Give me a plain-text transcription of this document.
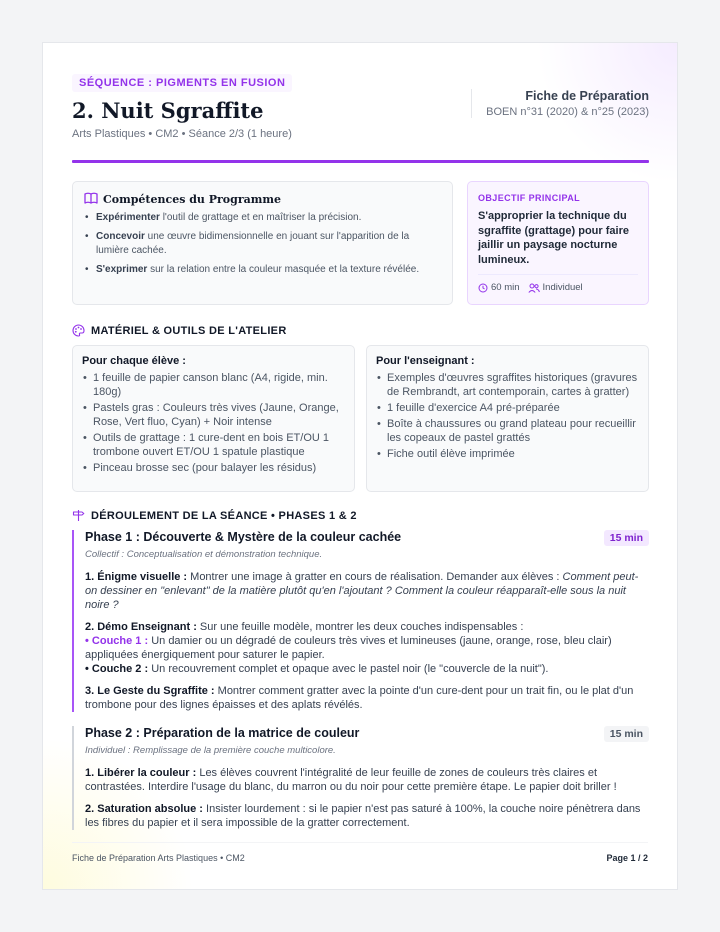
SÉQUENCE : PIGMENTS EN FUSION
2. Nuit Sgraffite
Arts Plastiques • CM2 • Séance 2/3 (1 heure)
Fiche de Préparation
BOEN n°31 (2020) & n°25 (2023)
Compétences du Programme
• Expérimenter l'outil de grattage et en maîtriser la précision.
• Concevoir une œuvre bidimensionnelle en jouant sur l'apparition de la lumière cachée.
• S'exprimer sur la relation entre la couleur masquée et la texture révélée.
OBJECTIF PRINCIPAL
S'approprier la technique du sgraffite (grattage) pour faire jaillir un paysage nocturne lumineux.
60 min Individuel
MATÉRIEL & OUTILS DE L'ATELIER
Pour chaque élève :
• 1 feuille de papier canson blanc (A4, rigide, min. 180g)
• Pastels gras : Couleurs très vives (Jaune, Orange, Rose, Vert fluo, Cyan) + Noir intense
• Outils de grattage : 1 cure-dent en bois ET/OU 1 trombone ouvert ET/OU 1 spatule plastique
• Pinceau brosse sec (pour balayer les résidus)
Pour l'enseignant :
• Exemples d'œuvres sgraffites historiques (gravures de Rembrandt, art contemporain, cartes à gratter)
• 1 feuille d'exercice A4 pré-préparée
• Boîte à chaussures ou grand plateau pour recueillir les copeaux de pastel grattés
• Fiche outil élève imprimée
DÉROULEMENT DE LA SÉANCE • PHASES 1 & 2
Phase 1 : Découverte & Mystère de la couleur cachée	15 min
Collectif : Conceptualisation et démonstration technique.
1. Énigme visuelle : Montrer une image à gratter en cours de réalisation. Demander aux élèves : Comment peut-on dessiner en "enlevant" de la matière plutôt qu'en l'ajoutant ? Comment la couleur réapparaît-elle sous la nuit noire ?
2. Démo Enseignant : Sur une feuille modèle, montrer les deux couches indispensables :
• Couche 1 : Un damier ou un dégradé de couleurs très vives et lumineuses (jaune, orange, rose, bleu clair) appliquées énergiquement pour saturer le papier.
• Couche 2 : Un recouvrement complet et opaque avec le pastel noir (le "couvercle de la nuit").
3. Le Geste du Sgraffite : Montrer comment gratter avec la pointe d'un cure-dent pour un trait fin, ou le plat d'un trombone pour des lignes épaisses et des aplats révélés.
Phase 2 : Préparation de la matrice de couleur	15 min
Individuel : Remplissage de la première couche multicolore.
1. Libérer la couleur : Les élèves couvrent l'intégralité de leur feuille de zones de couleurs très claires et contrastées. Interdire l'usage du blanc, du marron ou du noir pour cette première étape. Le papier doit briller !
2. Saturation absolue : Insister lourdement : si le papier n'est pas saturé à 100%, la couche noire pénètrera dans les fibres du papier et il sera impossible de la gratter correctement.
Fiche de Préparation Arts Plastiques • CM2	Page 1 / 2
